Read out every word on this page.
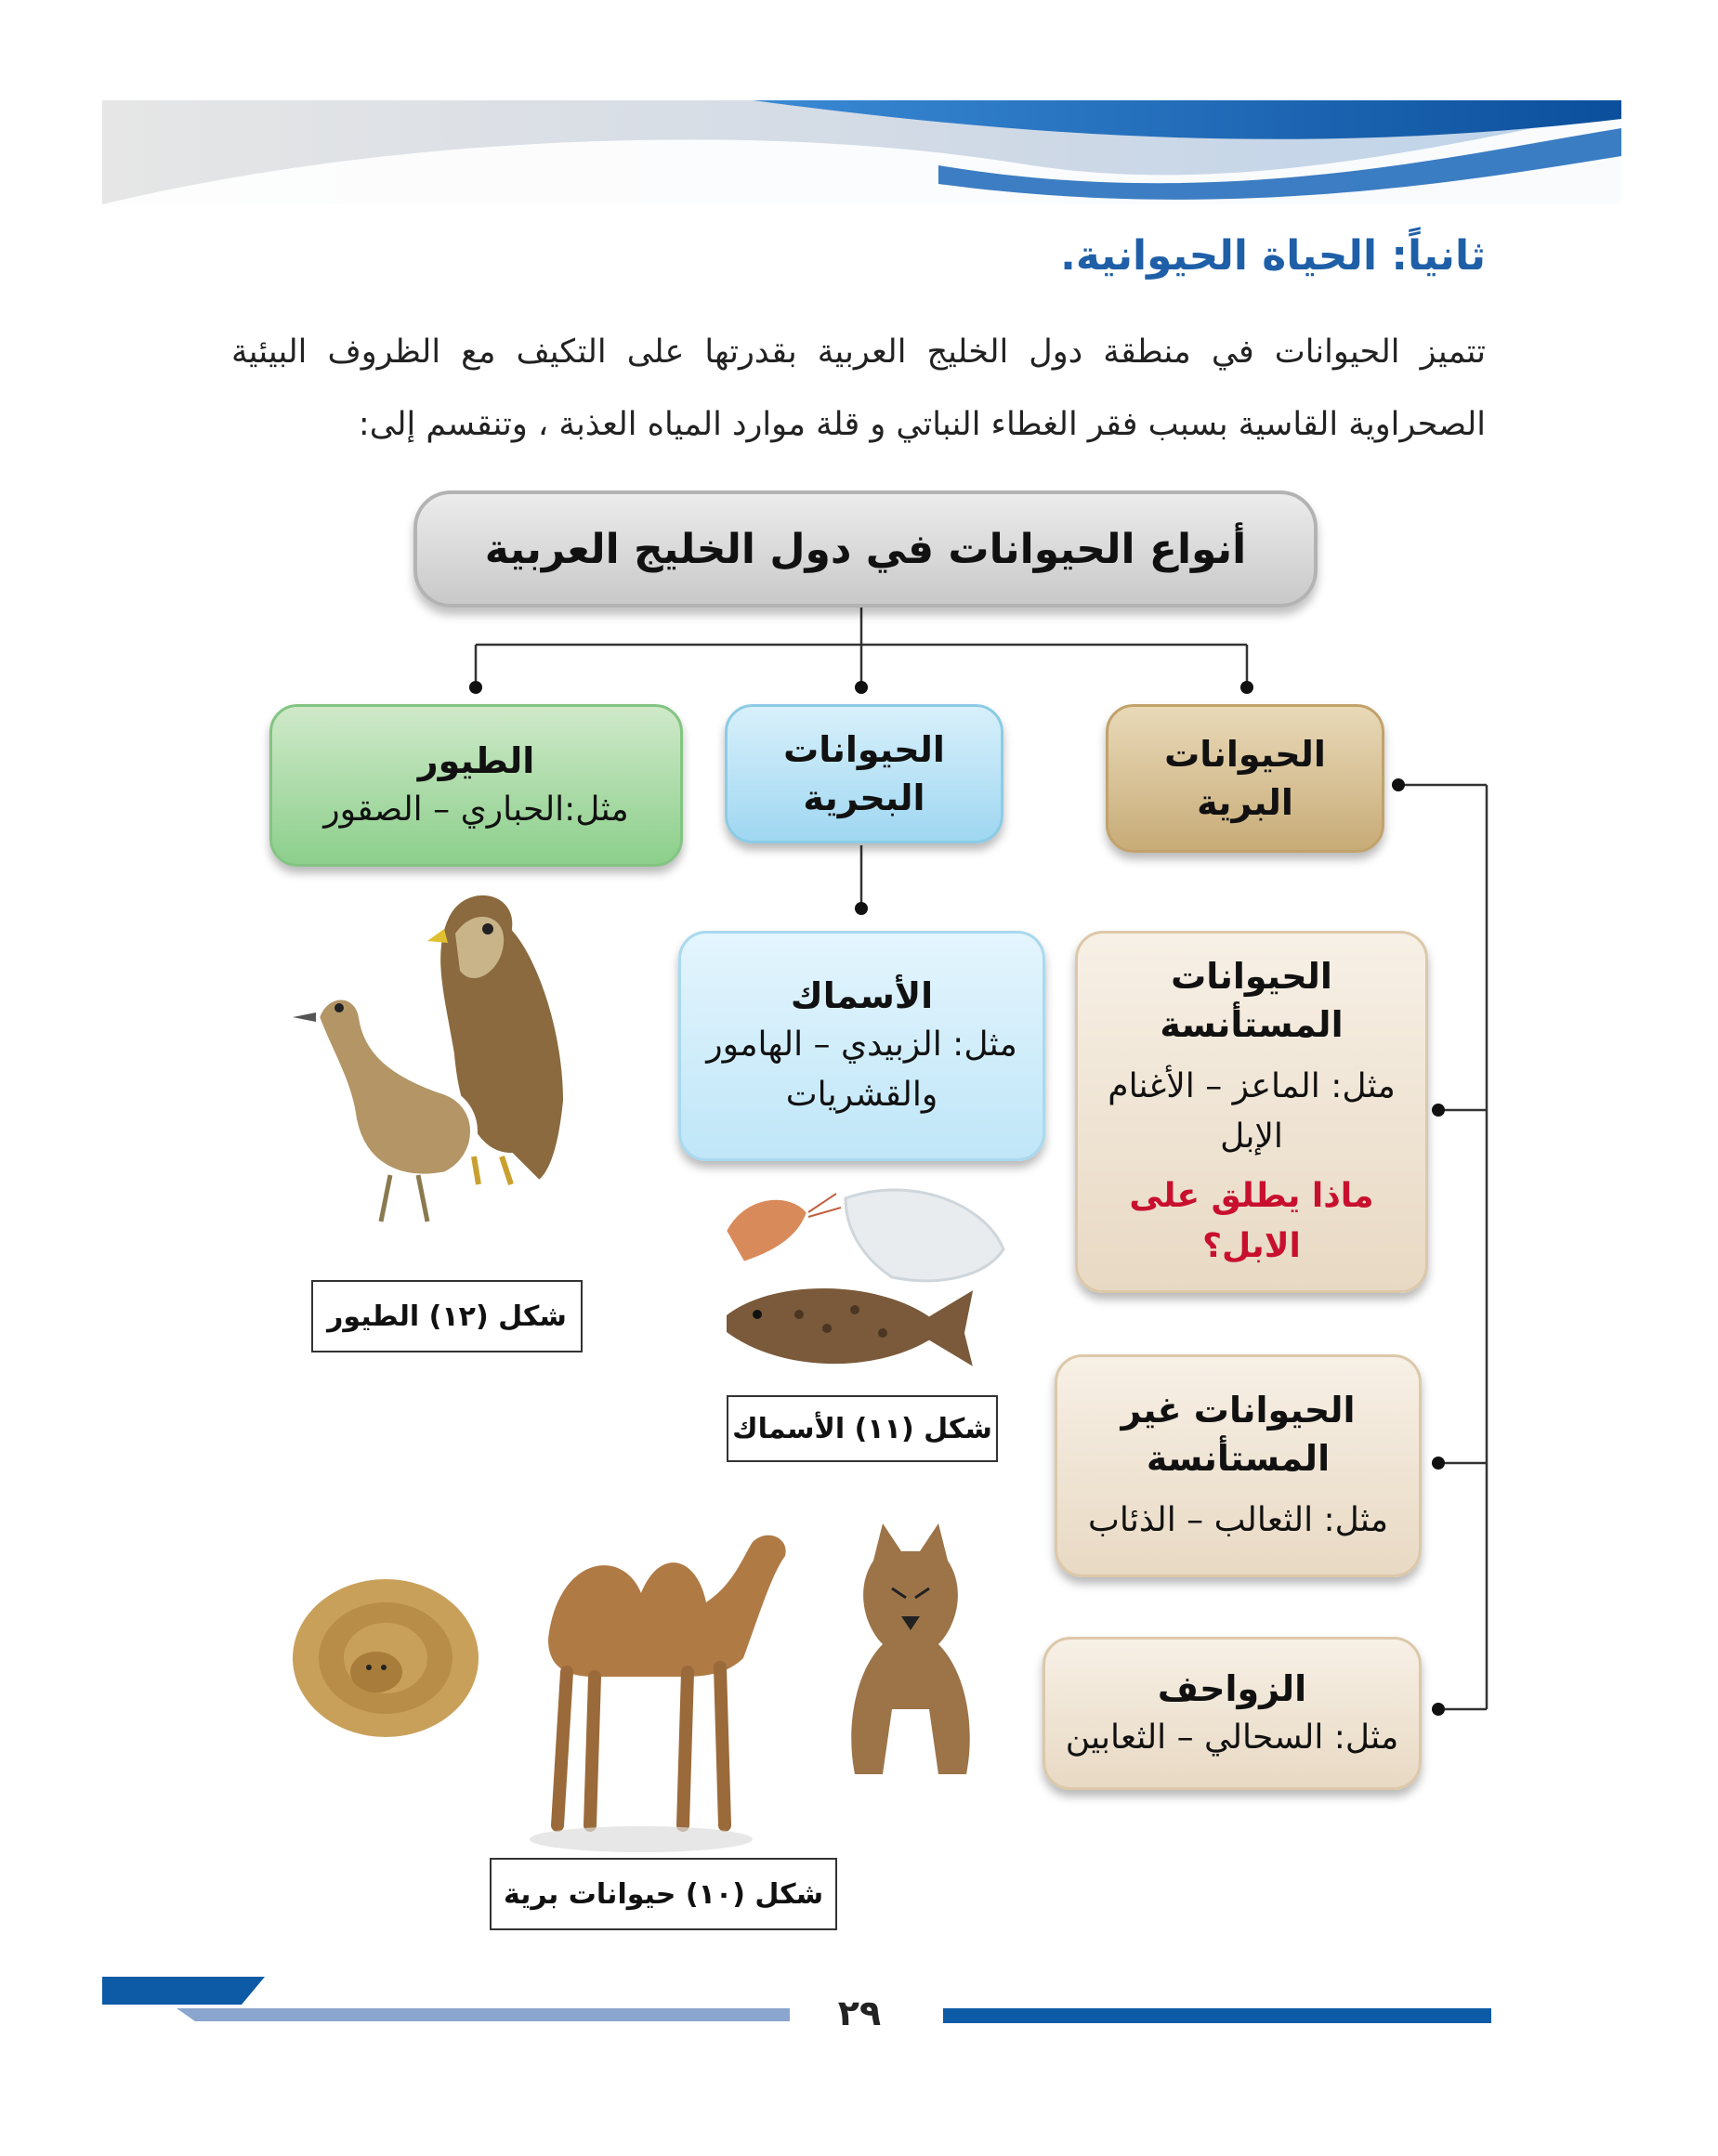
ثانياً: الحياة الحيوانية.
تتميز الحيوانات في منطقة دول الخليج العربية بقدرتها على التكيف مع الظروف البيئية الصحراوية القاسية بسبب فقر الغطاء النباتي و قلة موارد المياه العذبة ، وتنقسم إلى:
أنواع الحيوانات في دول الخليج العربية
الحيوانات
البرية
الحيوانات
البحرية
الطيور
مثل:الحباري – الصقور
الأسماك
مثل: الزبيدي – الهامور
والقشريات
الحيوانات المستأنسة
مثل: الماعز – الأغنام
الإبل
ماذا يطلق على الابل؟
الحيوانات غير المستأنسة
مثل: الثعالب – الذئاب
الزواحف
مثل: السحالي – الثعابين
شكل (١٢) الطيور
شكل (١١) الأسماك
شكل (١٠) حيوانات برية
٢٩
